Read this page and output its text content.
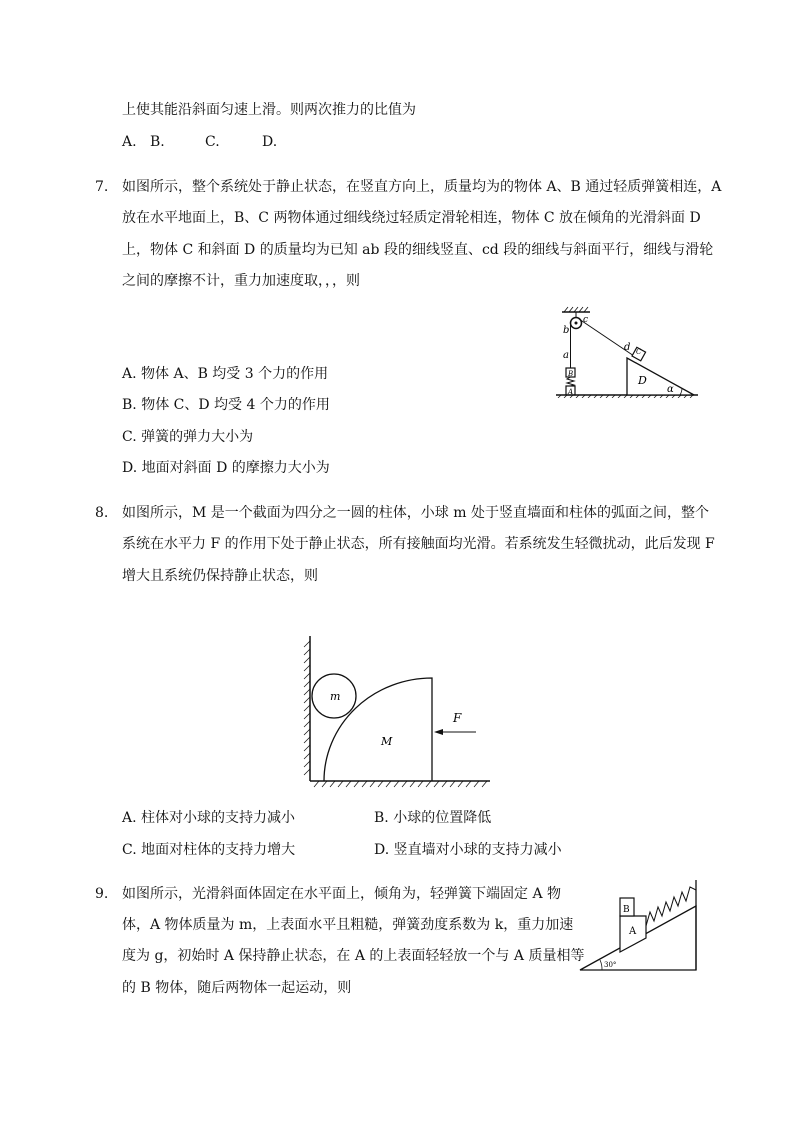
上使其能沿斜面匀速上滑。则两次推力的比值为
A. B.	C.	D.
7. 如图所示，整个系统处于静止状态，在竖直方向上，质量均为的物体 A、B 通过轻质弹簧相连，A
放在水平地面上，B、C 两物体通过细线绕过轻质定滑轮相连，物体 C 放在倾角的光滑斜面 D
上，物体 C 和斜面 D 的质量均为已知 ab 段的细线竖直、cd 段的细线与斜面平行，细线与滑轮
之间的摩擦不计，重力加速度取，，，则
b
c
a
d
B
A
C
D
α
A. 物体 A、B 均受 3 个力的作用
B. 物体 C、D 均受 4 个力的作用
C. 弹簧的弹力大小为
D. 地面对斜面 D 的摩擦力大小为
8. 如图所示，M 是一个截面为四分之一圆的柱体，小球 m 处于竖直墙面和柱体的弧面之间，整个
系统在水平力 F 的作用下处于静止状态，所有接触面均光滑。若系统发生轻微扰动，此后发现 F
增大且系统仍保持静止状态，则
m
M
F
A. 柱体对小球的支持力减小	B. 小球的位置降低
C. 地面对柱体的支持力增大	D. 竖直墙对小球的支持力减小
9. 如图所示，光滑斜面体固定在水平面上，倾角为，轻弹簧下端固定 A 物
体，A 物体质量为 m，上表面水平且粗糙，弹簧劲度系数为 k，重力加速
度为 g，初始时 A 保持静止状态，在 A 的上表面轻轻放一个与 A 质量相等
的 B 物体，随后两物体一起运动，则
A
B
30°
